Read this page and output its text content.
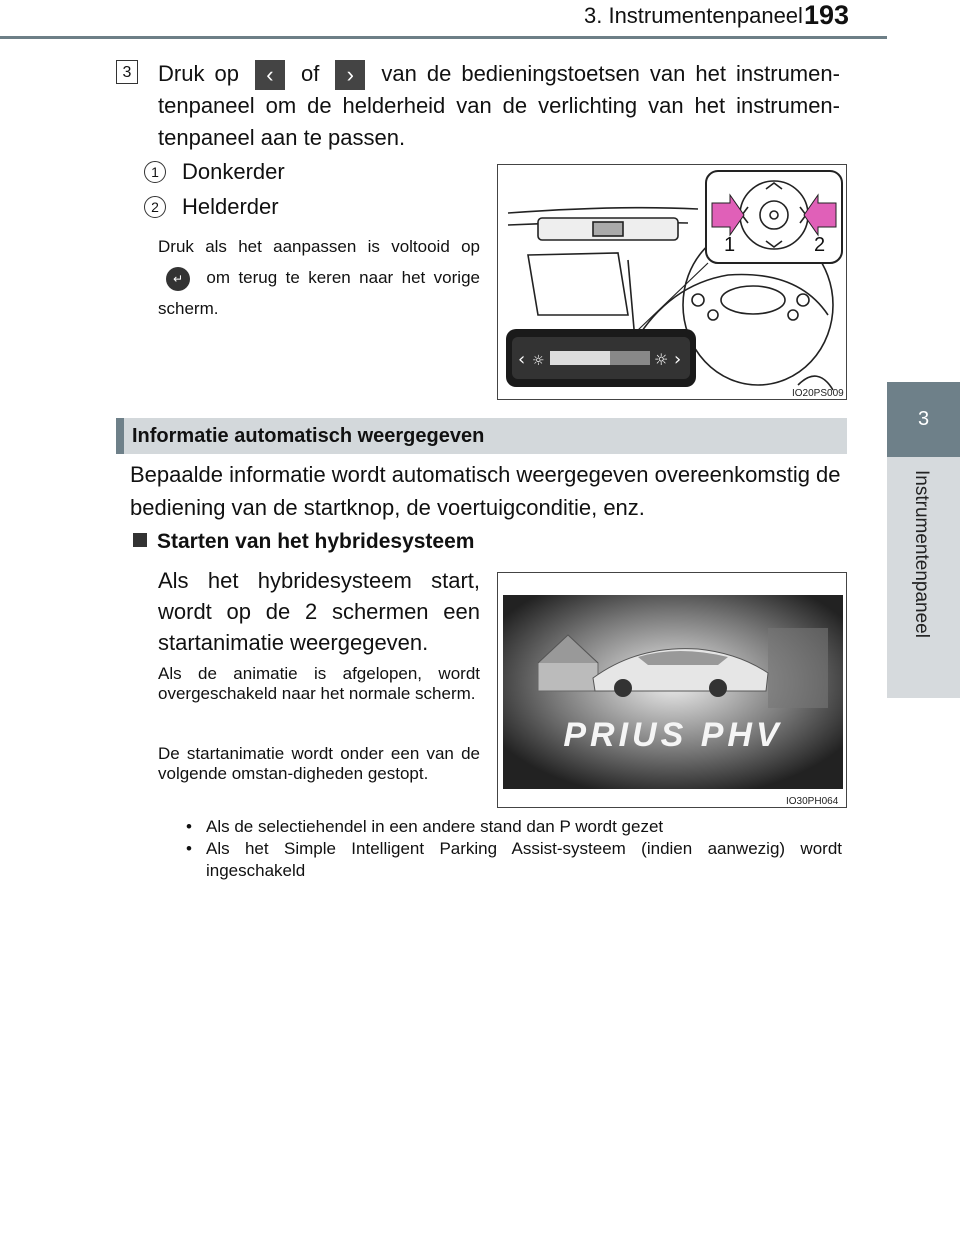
3. Instrumentenpaneel 193
3
Instrumentenpaneel
3 Druk op ‹ of › van de bedieningstoetsen van het instrumen-tenpaneel om de helderheid van de verlichting van het instrumen-tenpaneel aan te passen.
1	Donkerder
2	Helderder
Druk als het aanpassen is voltooid op ↵ om terug te keren naar het vorige scherm.
‹ ☼	☼ ›
1	2
IO20PS009
Informatie automatisch weergegeven
Bepaalde informatie wordt automatisch weergegeven overeenkomstig de bediening van de startknop, de voertuigconditie, enz.
Starten van het hybridesysteem
Als het hybridesysteem start, wordt op de 2 schermen een startanimatie weergegeven.
Als de animatie is afgelopen, wordt overgeschakeld naar het normale scherm.
De startanimatie wordt onder een van de volgende omstan-digheden gestopt.
• Als de selectiehendel in een andere stand dan P wordt gezet
• Als het Simple Intelligent Parking Assist-systeem (indien aanwezig) wordt ingeschakeld
PRIUS PHV
IO30PH064
